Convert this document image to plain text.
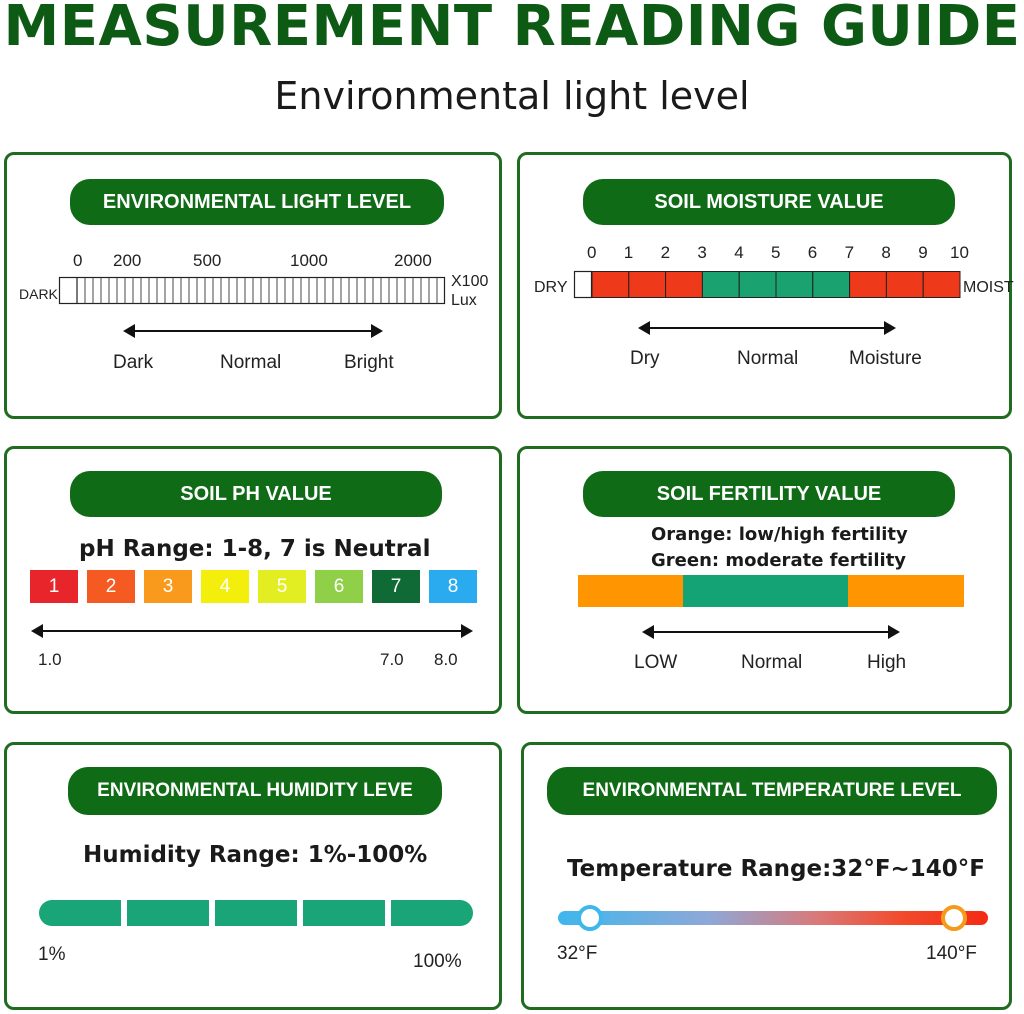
MEASUREMENT READING GUIDE
Environmental light level
ENVIRONMENTAL LIGHT LEVEL
0 200	500	1000	2000
DARK
X100
Lux
Dark	Normal	Bright
SOIL MOISTURE VALUE
0 1 2 3 4 5 6 7 8 9 10
DRY	MOIST
Dry	Normal	Moisture
SOIL PH VALUE
pH Range: 1-8, 7 is Neutral
1	2	3	4	5	6	7	8
1.0	7.0 8.0
SOIL FERTILITY VALUE
Orange: low/high fertility
Green: moderate fertility
LOW	Normal	High
ENVIRONMENTAL HUMIDITY LEVE
Humidity Range: 1%-100%
1%	100%
ENVIRONMENTAL TEMPERATURE LEVEL
Temperature Range:32°F~140°F
32°F	140°F
